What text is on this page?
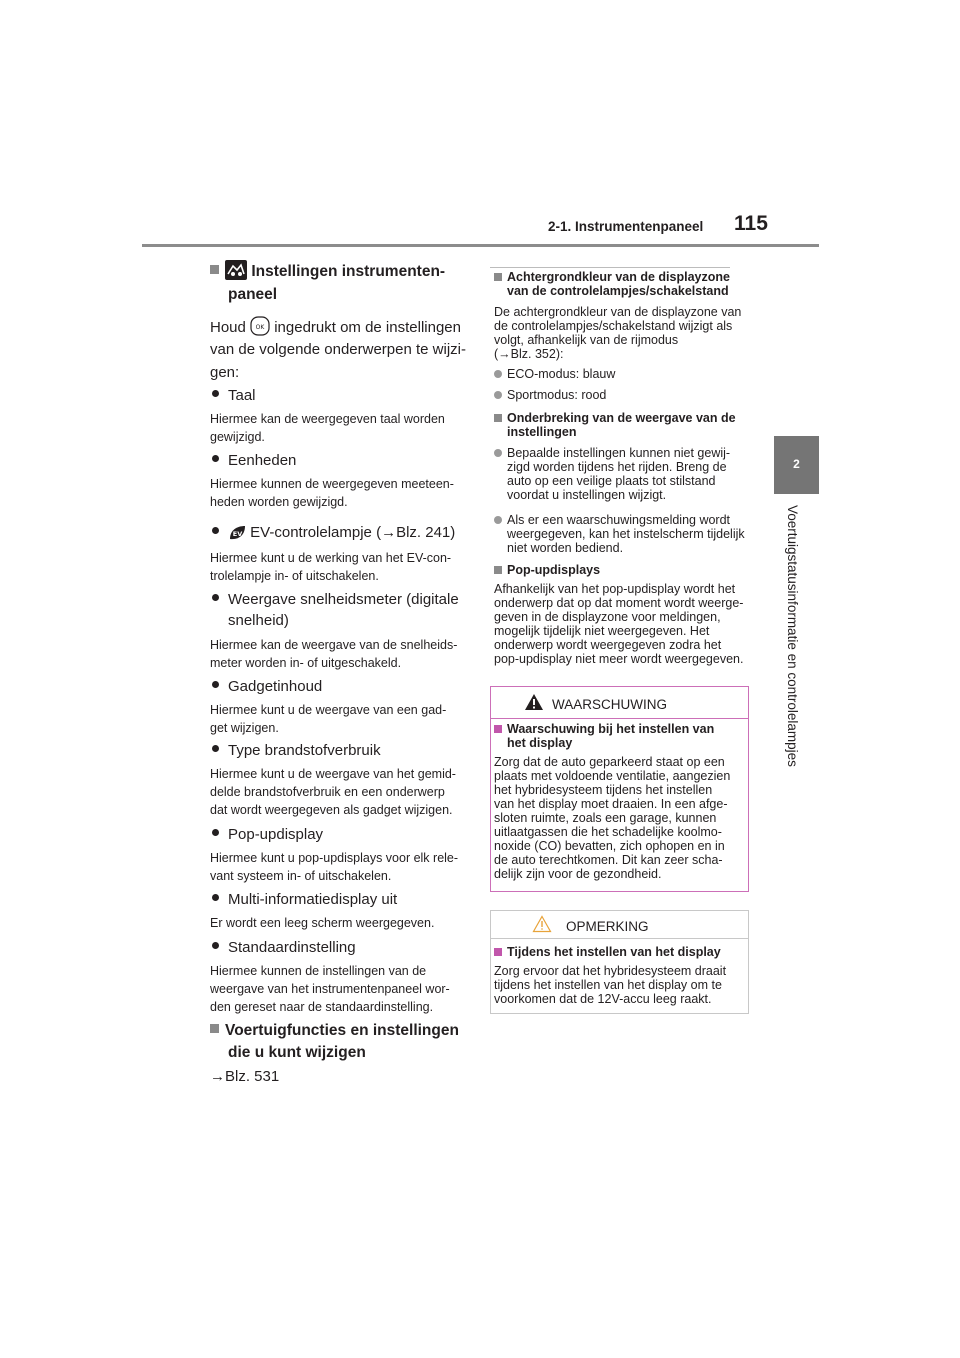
2-1. Instrumentenpaneel 115
2
Voertuigstatusinformatie en controlelampjes
Instellingen instrumenten-
paneel
Houd OK ingedrukt om de instellingen
van de volgende onderwerpen te wijzi-
gen:
Taal
Hiermee kan de weergegeven taal worden
gewijzigd.
Eenheden
Hiermee kunnen de weergegeven meeteen-
heden worden gewijzigd.
EV EV-controlelampje (→Blz. 241)
Hiermee kunt u de werking van het EV-con-
trolelampje in- of uitschakelen.
Weergave snelheidsmeter (digitale
snelheid)
Hiermee kan de weergave van de snelheids-
meter worden in- of uitgeschakeld.
Gadgetinhoud
Hiermee kunt u de weergave van een gad-
get wijzigen.
Type brandstofverbruik
Hiermee kunt u de weergave van het gemid-
delde brandstofverbruik en een onderwerp
dat wordt weergegeven als gadget wijzigen.
Pop-updisplay
Hiermee kunt u pop-updisplays voor elk rele-
vant systeem in- of uitschakelen.
Multi-informatiedisplay uit
Er wordt een leeg scherm weergegeven.
Standaardinstelling
Hiermee kunnen de instellingen van de
weergave van het instrumentenpaneel wor-
den gereset naar de standaardinstelling.
Voertuigfuncties en instellingen
die u kunt wijzigen
→Blz. 531
Achtergrondkleur van de displayzone
van de controlelampjes/schakelstand
De achtergrondkleur van de displayzone van
de controlelampjes/schakelstand wijzigt als
volgt, afhankelijk van de rijmodus
(→Blz. 352):
ECO-modus: blauw
Sportmodus: rood
Onderbreking van de weergave van de
instellingen
Bepaalde instellingen kunnen niet gewij-
zigd worden tijdens het rijden. Breng de
auto op een veilige plaats tot stilstand
voordat u instellingen wijzigt.
Als er een waarschuwingsmelding wordt
weergegeven, kan het instelscherm tijdelijk
niet worden bediend.
Pop-updisplays
Afhankelijk van het pop-updisplay wordt het
onderwerp dat op dat moment wordt weerge-
geven in de displayzone voor meldingen,
mogelijk tijdelijk niet weergegeven. Het
onderwerp wordt weergegeven zodra het
pop-updisplay niet meer wordt weergegeven.
WAARSCHUWING
Waarschuwing bij het instellen van
het display
Zorg dat de auto geparkeerd staat op een
plaats met voldoende ventilatie, aangezien
het hybridesysteem tijdens het instellen
van het display moet draaien. In een afge-
sloten ruimte, zoals een garage, kunnen
uitlaatgassen die het schadelijke koolmo-
noxide (CO) bevatten, zich ophopen en in
de auto terechtkomen. Dit kan zeer scha-
delijk zijn voor de gezondheid.
OPMERKING
Tijdens het instellen van het display
Zorg ervoor dat het hybridesysteem draait
tijdens het instellen van het display om te
voorkomen dat de 12V-accu leeg raakt.
